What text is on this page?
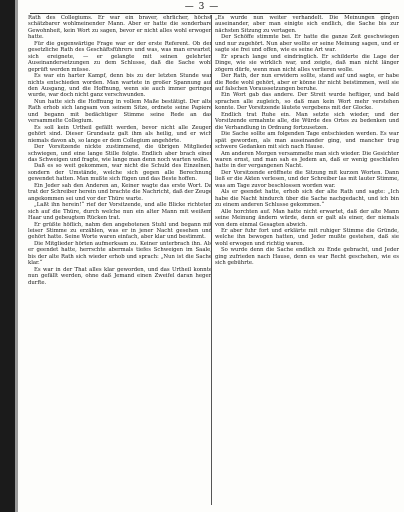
— 3 —

Rath des Collegiums. Er war ein braver, ehrlicher, höchst schätzbarer wohlmeinender Mann. Aber er hatte die sonderbare Gewohnheit, kein Wort zu sagen, bevor er nicht alles wohl erwogen hatte.

Für die gegenwärtige Frage war er der erste Referent. Ob der gesetzliche Rath des Geschäftsführers und was, was man erwartet, sich ereignete, — er gelangte mit seinen gelehrten Auseinandersetzungen zu dem Schlusse, daß die Sache wohl geprüft werden müsse.

Es war ein harter Kampf, denn bis zu der letzten Stunde war nichts entschieden worden. Man wartete in großer Spannung auf den Ausgang, und die Hoffnung, wenn sie auch immer geringer wurde, war doch nicht ganz verschwunden.

Nun hatte sich die Hoffnung in vollem Maße bestätigt. Der alte Rath erhob sich langsam von seinem Sitze, ordnete seine Papiere und begann mit bedächtiger Stimme seine Rede an das versammelte Collegium.

Es soll kein Urtheil gefällt werden, bevor nicht alle Zeugen gehört sind. Dieser Grundsatz galt ihm als heilig, und er wich niemals davon ab, so lange er dem Collegium angehörte.

Der Vorsitzende nickte zustimmend, die übrigen Mitglieder schwiegen, und eine lange Stille folgte. Endlich aber brach einer das Schweigen und fragte, wie lange man denn noch warten wolle.

Daß es so weit gekommen, war nicht die Schuld des Einzelnen, sondern der Umstände, welche sich gegen alle Berechnung gewendet hatten. Man mußte sich fügen und das Beste hoffen.

Ein Jeder sah den Anderen an, Keiner wagte das erste Wort. Da trat der Schreiber herein und brachte die Nachricht, daß der Zeuge angekommen sei und vor der Thüre warte.

„Laßt ihn herein!“ rief der Vorsitzende, und alle Blicke richteten sich auf die Thüre, durch welche nun ein alter Mann mit weißem Haar und gebeugtem Rücken trat.

Er grüßte höflich, nahm den angebotenen Stuhl und begann mit leiser Stimme zu erzählen, was er in jener Nacht gesehen und gehört hatte. Seine Worte waren einfach, aber klar und bestimmt.

Die Mitglieder hörten aufmerksam zu. Keiner unterbrach ihn. Als er geendet hatte, herrschte abermals tiefes Schweigen im Saale, bis der alte Rath sich wieder erhob und sprach: „Nun ist die Sache klar.“

Es war in der That alles klar geworden, und das Urtheil konnte nun gefällt werden, ohne daß Jemand einen Zweifel daran hegen durfte.

„Es wurde nun weiter verhandelt. Die Meinungen gingen auseinander, aber man einigte sich endlich, die Sache bis zur nächsten Sitzung zu vertagen.

Der Schöffe stimmte bei. Er hatte die ganze Zeit geschwiegen und nur zugehört. Nun aber wollte er seine Meinung sagen, und er sagte sie frei und offen, wie es seine Art war.

Er sprach lange und eindringlich. Er schilderte die Lage der Dinge, wie sie wirklich war, und zeigte, daß man nicht länger zögern dürfe, wenn man nicht alles verlieren wolle.

Der Rath, der nun erwidern sollte, stand auf und sagte, er habe die Rede wohl gehört, aber er könne ihr nicht beistimmen, weil sie auf falschen Voraussetzungen beruhe.

Ein Wort gab das andere. Der Streit wurde heftiger, und bald sprachen alle zugleich, so daß man kein Wort mehr verstehen konnte. Der Vorsitzende läutete vergebens mit der Glocke.

Endlich trat Ruhe ein. Man setzte sich wieder, und der Vorsitzende ermahnte alle, die Würde des Ortes zu bedenken und die Verhandlung in Ordnung fortzusetzen.

Die Sache sollte am folgenden Tage entschieden werden. Es war spät geworden, als man auseinander ging, und mancher trug schwere Gedanken mit sich nach Hause.

Am anderen Morgen versammelte man sich wieder. Die Gesichter waren ernst, und man sah es Jedem an, daß er wenig geschlafen hatte in der vergangenen Nacht.

Der Vorsitzende eröffnete die Sitzung mit kurzen Worten. Dann ließ er die Akten verlesen, und der Schreiber las mit lauter Stimme, was am Tage zuvor beschlossen worden war.

Als er geendet hatte, erhob sich der alte Rath und sagte: „Ich habe die Nacht hindurch über die Sache nachgedacht, und ich bin zu einem anderen Schlusse gekommen.“

Alle horchten auf. Man hatte nicht erwartet, daß der alte Mann seine Meinung ändern würde, denn er galt als einer, der niemals von dem einmal Gesagten abwich.

Er aber fuhr fort und erklärte mit ruhiger Stimme die Gründe, welche ihn bewogen hatten, und Jeder mußte gestehen, daß sie wohl erwogen und richtig waren.

So wurde denn die Sache endlich zu Ende gebracht, und Jeder ging zufrieden nach Hause, denn es war Recht geschehen, wie es sich gebührte.
